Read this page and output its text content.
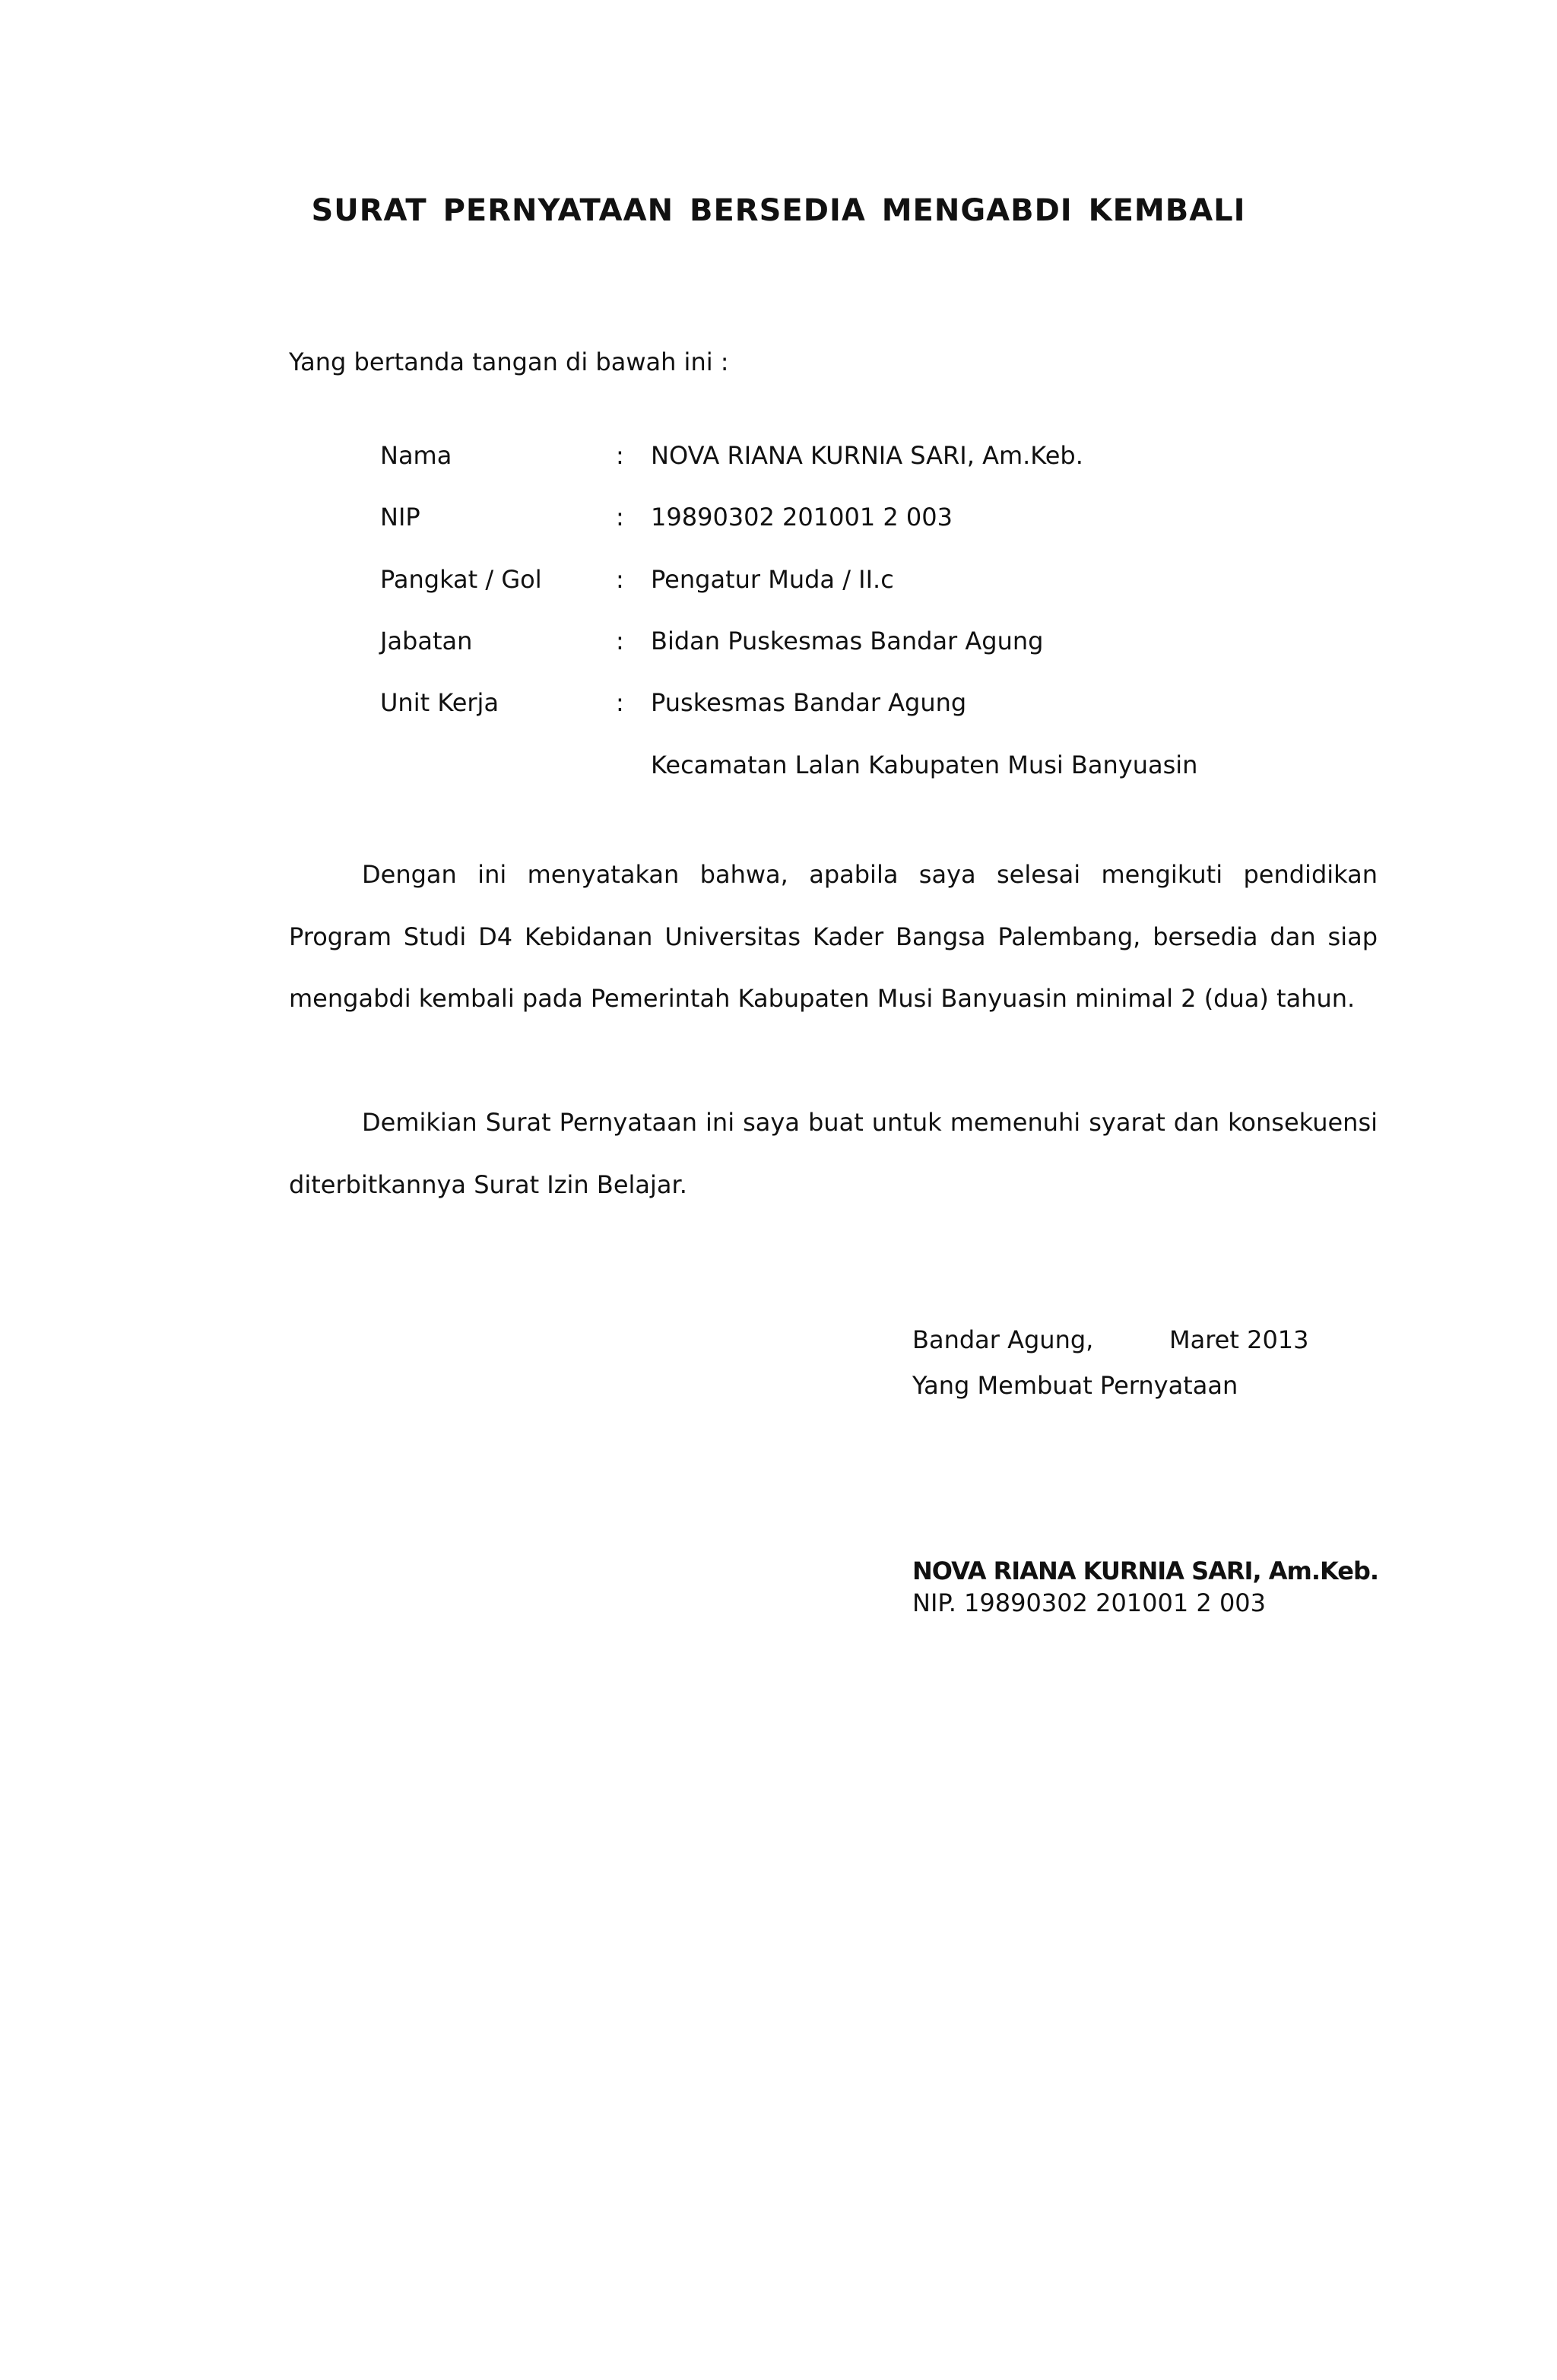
SURAT PERNYATAAN BERSEDIA MENGABDI KEMBALI
Yang bertanda tangan di bawah ini :
Nama	: NOVA RIANA KURNIA SARI, Am.Keb.
NIP	: 19890302 201001 2 003
Pangkat / Gol	: Pengatur Muda / II.c
Jabatan	: Bidan Puskesmas Bandar Agung
Unit Kerja	: Puskesmas Bandar Agung
Kecamatan Lalan Kabupaten Musi Banyuasin

Dengan ini menyatakan bahwa, apabila saya selesai mengikuti pendidikan Program Studi D4 Kebidanan Universitas Kader Bangsa Palembang, bersedia dan siap mengabdi kembali pada Pemerintah Kabupaten Musi Banyuasin minimal 2 (dua) tahun.

Demikian Surat Pernyataan ini saya buat untuk memenuhi syarat dan konsekuensi diterbitkannya Surat Izin Belajar.

Bandar Agung,	Maret 2013
Yang Membuat Pernyataan
NOVA RIANA KURNIA SARI, Am.Keb.
NIP. 19890302 201001 2 003
